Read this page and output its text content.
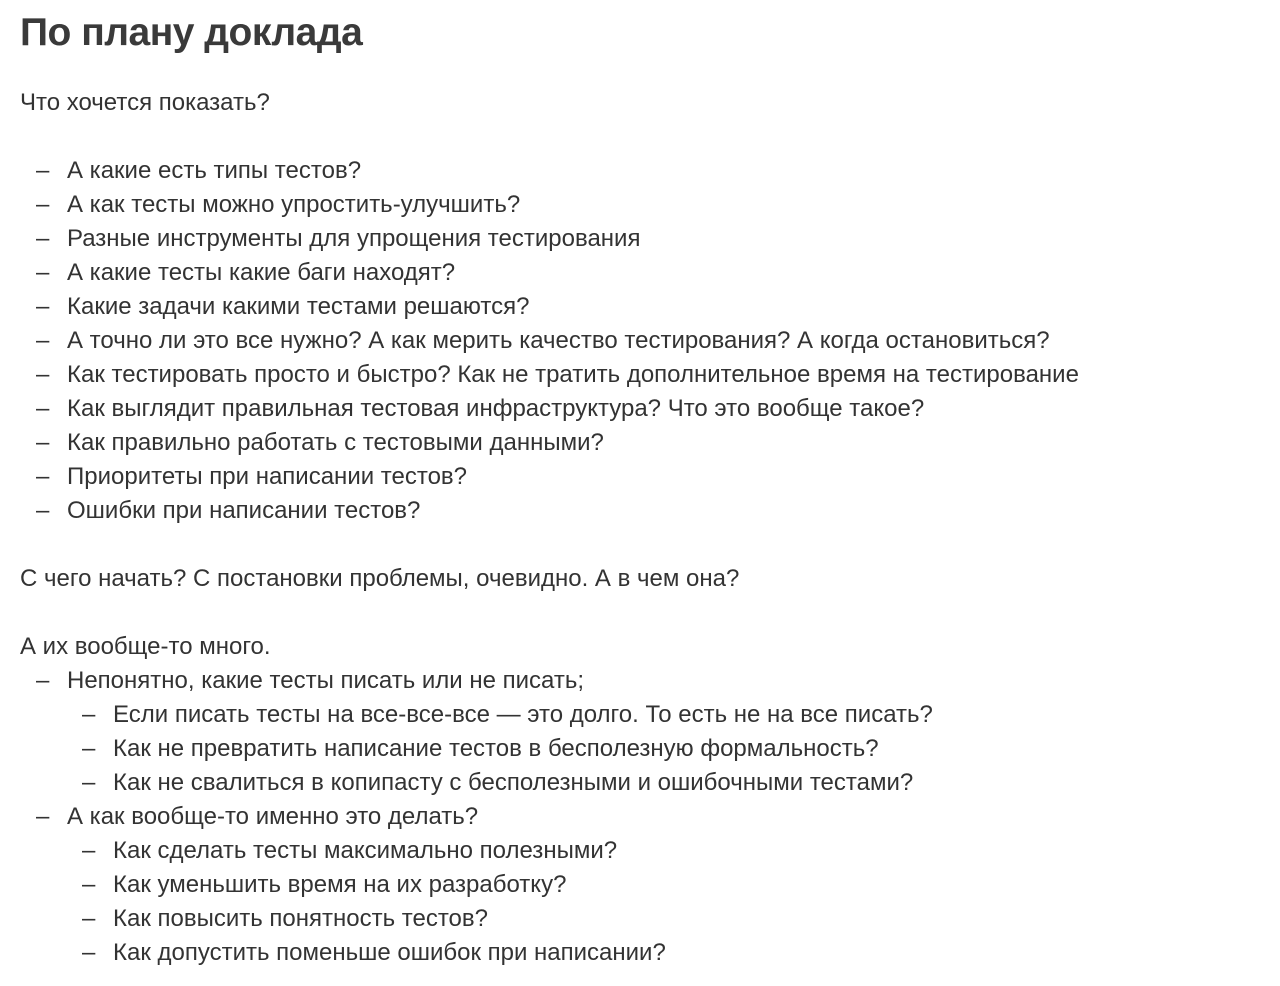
По плану доклада

Что хочется показать?

– А какие есть типы тестов?
– А как тесты можно упростить-улучшить?
– Разные инструменты для упрощения тестирования
– А какие тесты какие баги находят?
– Какие задачи какими тестами решаются?
– А точно ли это все нужно? А как мерить качество тестирования? А когда остановиться?
– Как тестировать просто и быстро? Как не тратить дополнительное время на тестирование
– Как выглядит правильная тестовая инфраструктура? Что это вообще такое?
– Как правильно работать с тестовыми данными?
– Приоритеты при написании тестов?
– Ошибки при написании тестов?

С чего начать? С постановки проблемы, очевидно. А в чем она?

А их вообще-то много.

– Непонятно, какие тесты писать или не писать;
– Если писать тесты на все-все-все — это долго. То есть не на все писать?
– Как не превратить написание тестов в бесполезную формальность?
– Как не свалиться в копипасту с бесполезными и ошибочными тестами?
– А как вообще-то именно это делать?
– Как сделать тесты максимально полезными?
– Как уменьшить время на их разработку?
– Как повысить понятность тестов?
– Как допустить поменьше ошибок при написании?
